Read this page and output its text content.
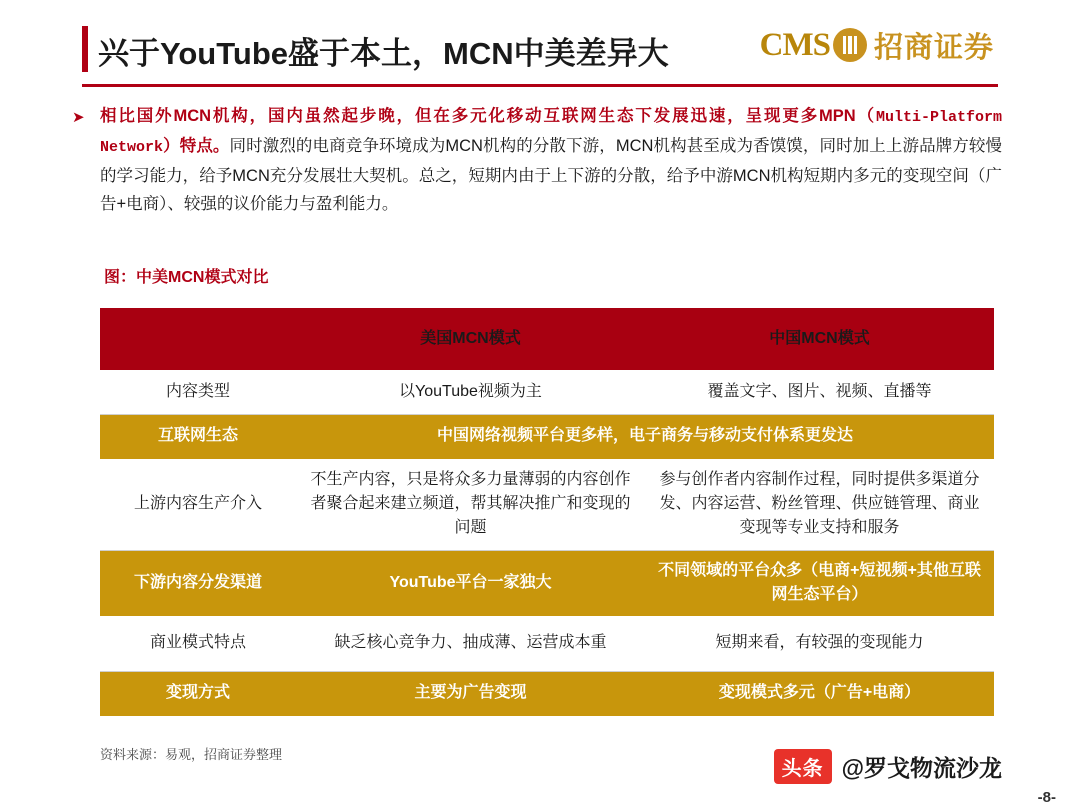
兴于YouTube盛于本土，MCN中美差异大	CMS 招商证券
➤ 相比国外MCN机构，国内虽然起步晚，但在多元化移动互联网生态下发展迅速，呈现更多MPN（Multi-Platform Network）特点。同时激烈的电商竞争环境成为MCN机构的分散下游，MCN机构甚至成为香馍馍，同时加上上游品牌方较慢的学习能力，给予MCN充分发展壮大契机。总之，短期内由于上下游的分散，给予中游MCN机构短期内多元的变现空间（广告+电商）、较强的议价能力与盈利能力。
图：中美MCN模式对比
	美国MCN模式	中国MCN模式
内容类型	以YouTube视频为主	覆盖文字、图片、视频、直播等
互联网生态	中国网络视频平台更多样，电子商务与移动支付体系更发达	
上游内容生产介入	不生产内容，只是将众多力量薄弱的内容创作者聚合起来建立频道，帮其解决推广和变现的问题	参与创作者内容制作过程，同时提供多渠道分发、内容运营、粉丝管理、供应链管理、商业变现等专业支持和服务
下游内容分发渠道	YouTube平台一家独大	不同领域的平台众多（电商+短视频+其他互联网生态平台）
商业模式特点	缺乏核心竞争力、抽成薄、运营成本重	短期来看，有较强的变现能力
变现方式	主要为广告变现	变现模式多元（广告+电商）
资料来源：易观，招商证券整理
头条 @罗戈物流沙龙
-8-
